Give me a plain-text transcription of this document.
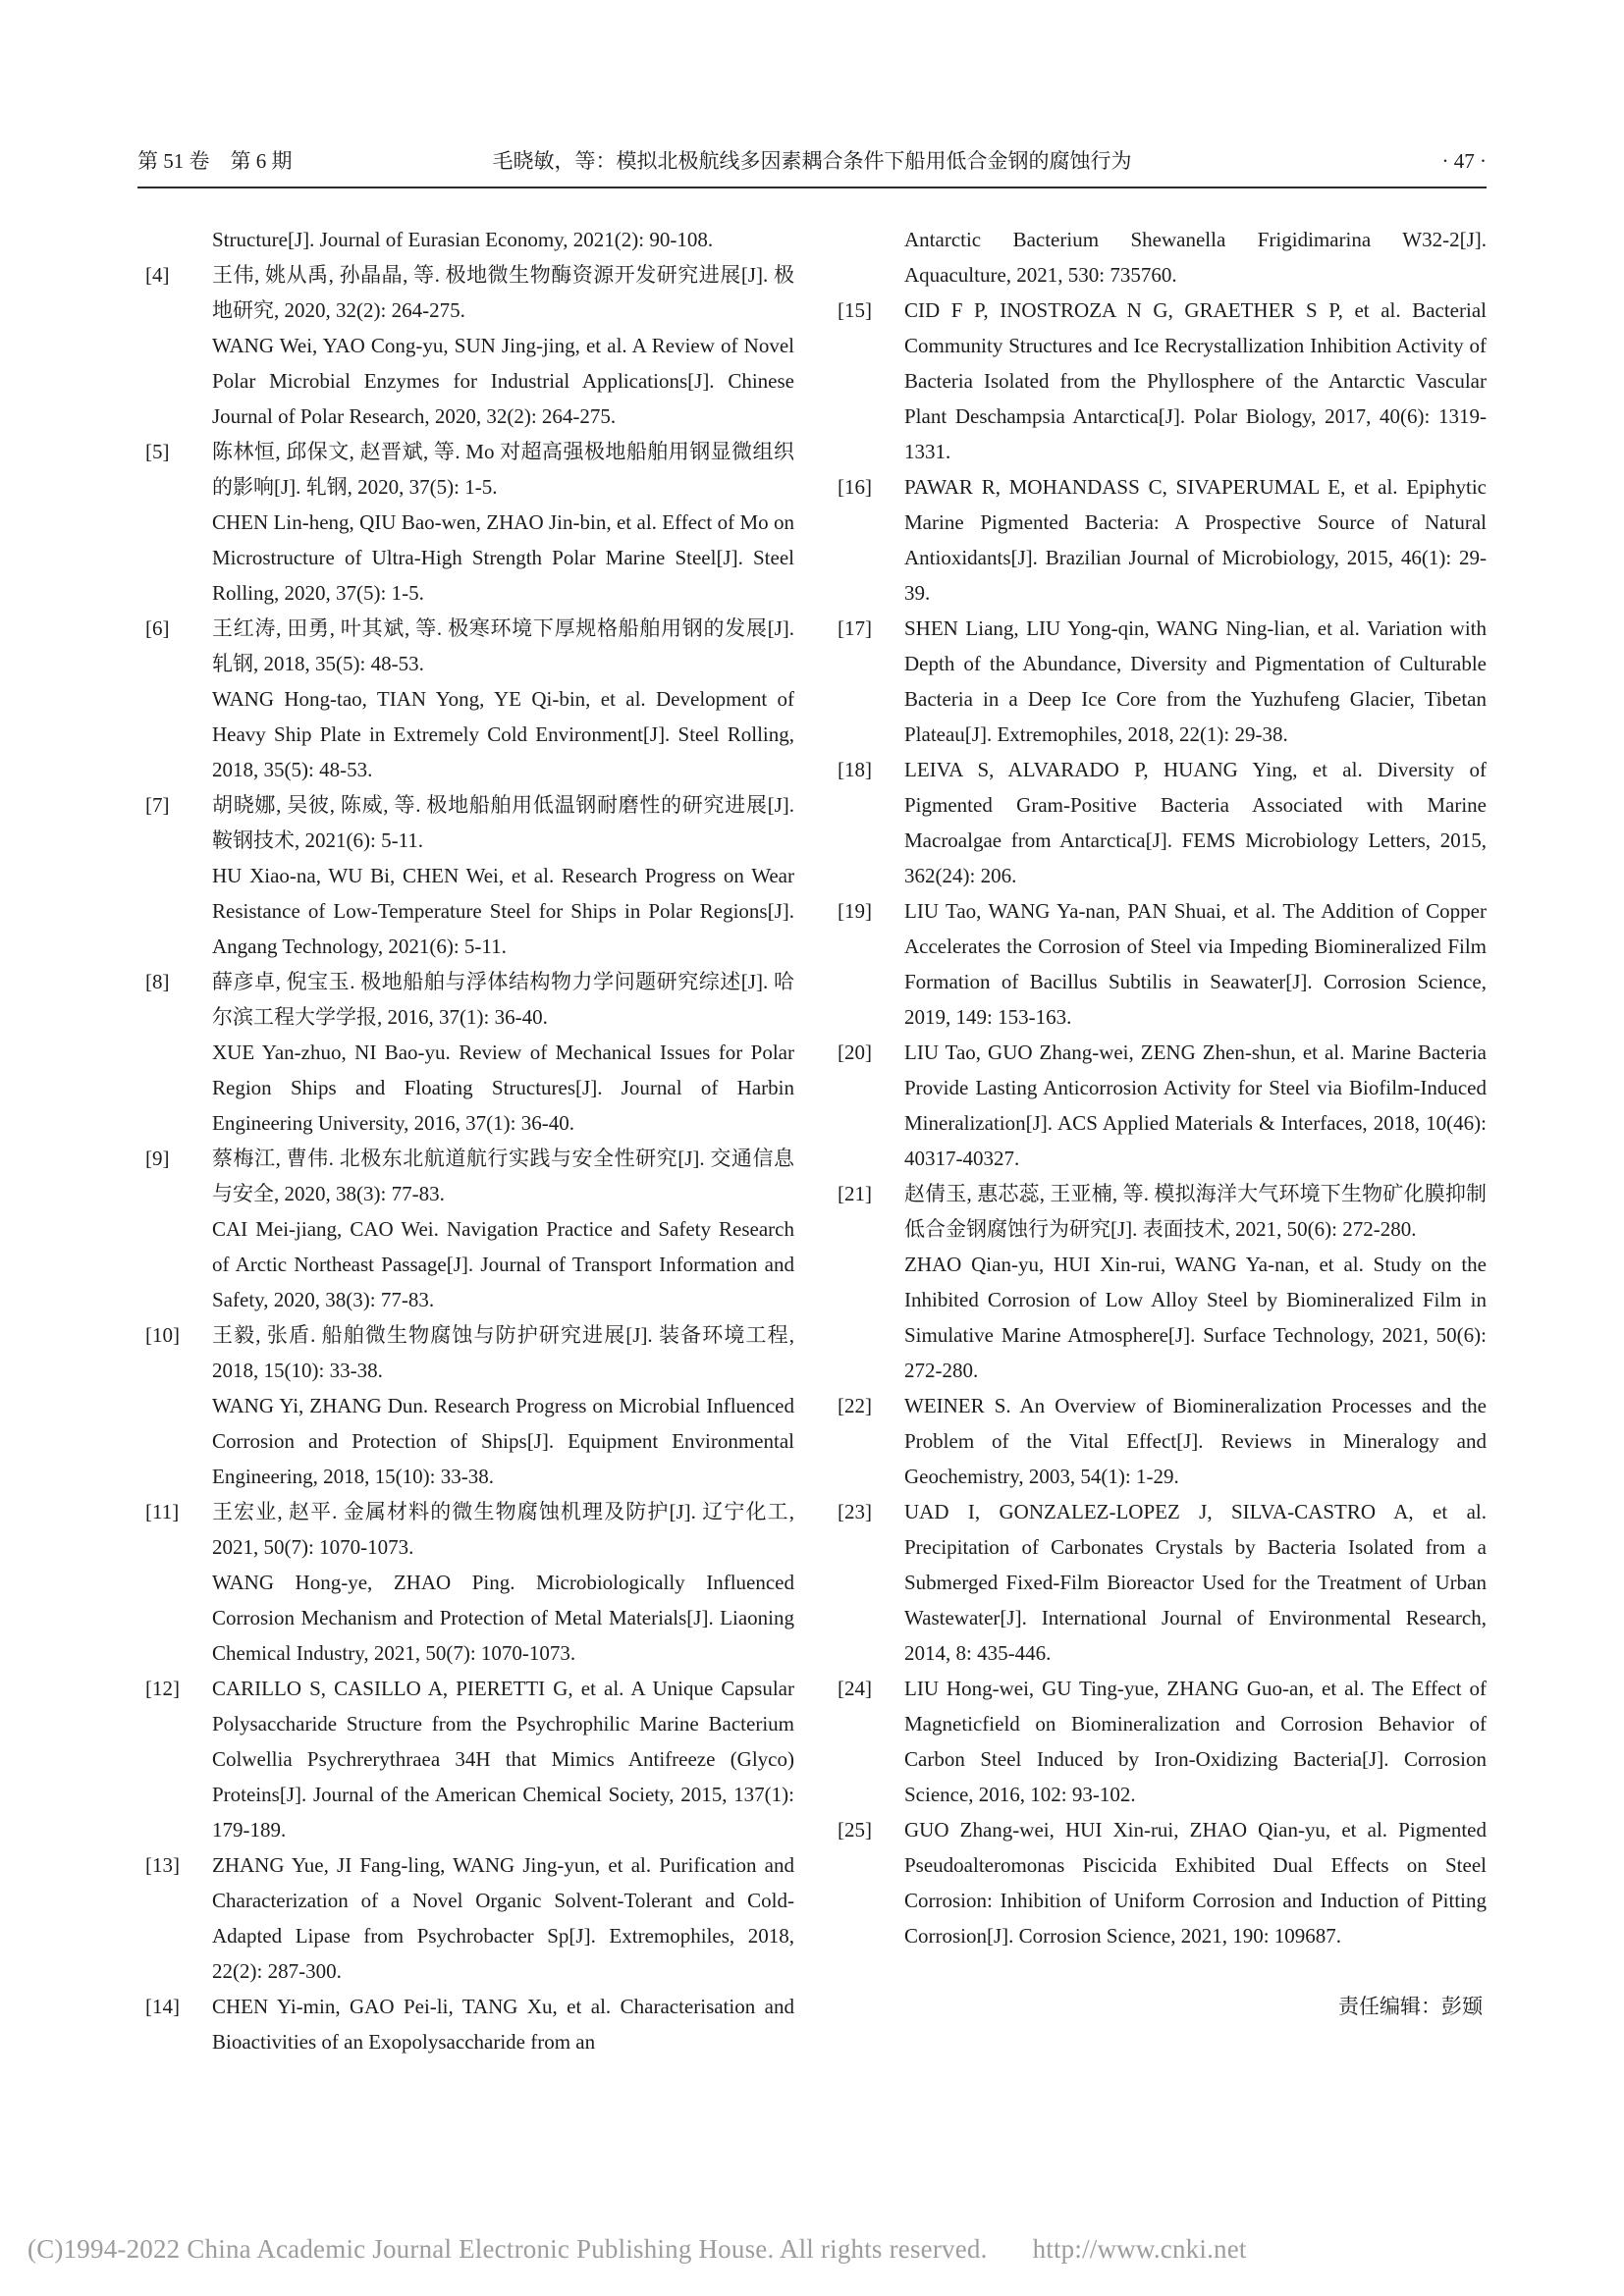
第 51 卷　第 6 期	毛晓敏，等：模拟北极航线多因素耦合条件下船用低合金钢的腐蚀行为	· 47 ·
Structure[J]. Journal of Eurasian Economy, 2021(2): 90-108.
[4]	王伟, 姚从禹, 孙晶晶, 等. 极地微生物酶资源开发研究进展[J]. 极地研究, 2020, 32(2): 264-275.
WANG Wei, YAO Cong-yu, SUN Jing-jing, et al. A Review of Novel Polar Microbial Enzymes for Industrial Applications[J]. Chinese Journal of Polar Research, 2020, 32(2): 264-275.
[5]	陈林恒, 邱保文, 赵晋斌, 等. Mo 对超高强极地船舶用钢显微组织的影响[J]. 轧钢, 2020, 37(5): 1-5.
CHEN Lin-heng, QIU Bao-wen, ZHAO Jin-bin, et al. Effect of Mo on Microstructure of Ultra-High Strength Polar Marine Steel[J]. Steel Rolling, 2020, 37(5): 1-5.
[6]	王红涛, 田勇, 叶其斌, 等. 极寒环境下厚规格船舶用钢的发展[J]. 轧钢, 2018, 35(5): 48-53.
WANG Hong-tao, TIAN Yong, YE Qi-bin, et al. Development of Heavy Ship Plate in Extremely Cold Environment[J]. Steel Rolling, 2018, 35(5): 48-53.
[7]	胡晓娜, 吴彼, 陈威, 等. 极地船舶用低温钢耐磨性的研究进展[J]. 鞍钢技术, 2021(6): 5-11.
HU Xiao-na, WU Bi, CHEN Wei, et al. Research Progress on Wear Resistance of Low-Temperature Steel for Ships in Polar Regions[J]. Angang Technology, 2021(6): 5-11.
[8]	薛彦卓, 倪宝玉. 极地船舶与浮体结构物力学问题研究综述[J]. 哈尔滨工程大学学报, 2016, 37(1): 36-40.
XUE Yan-zhuo, NI Bao-yu. Review of Mechanical Issues for Polar Region Ships and Floating Structures[J]. Journal of Harbin Engineering University, 2016, 37(1): 36-40.
[9]	蔡梅江, 曹伟. 北极东北航道航行实践与安全性研究[J]. 交通信息与安全, 2020, 38(3): 77-83.
CAI Mei-jiang, CAO Wei. Navigation Practice and Safety Research of Arctic Northeast Passage[J]. Journal of Transport Information and Safety, 2020, 38(3): 77-83.
[10]	王毅, 张盾. 船舶微生物腐蚀与防护研究进展[J]. 装备环境工程, 2018, 15(10): 33-38.
WANG Yi, ZHANG Dun. Research Progress on Microbial Influenced Corrosion and Protection of Ships[J]. Equipment Environmental Engineering, 2018, 15(10): 33-38.
[11]	王宏业, 赵平. 金属材料的微生物腐蚀机理及防护[J]. 辽宁化工, 2021, 50(7): 1070-1073.
WANG Hong-ye, ZHAO Ping. Microbiologically Influenced Corrosion Mechanism and Protection of Metal Materials[J]. Liaoning Chemical Industry, 2021, 50(7): 1070-1073.
[12]	CARILLO S, CASILLO A, PIERETTI G, et al. A Unique Capsular Polysaccharide Structure from the Psychrophilic Marine Bacterium Colwellia Psychrerythraea 34H that Mimics Antifreeze (Glyco) Proteins[J]. Journal of the American Chemical Society, 2015, 137(1): 179-189.
[13]	ZHANG Yue, JI Fang-ling, WANG Jing-yun, et al. Purification and Characterization of a Novel Organic Solvent-Tolerant and Cold-Adapted Lipase from Psychrobacter Sp[J]. Extremophiles, 2018, 22(2): 287-300.
[14]	CHEN Yi-min, GAO Pei-li, TANG Xu, et al. Characterisation and Bioactivities of an Exopolysaccharide from an
Antarctic Bacterium Shewanella Frigidimarina W32-2[J]. Aquaculture, 2021, 530: 735760.
[15]	CID F P, INOSTROZA N G, GRAETHER S P, et al. Bacterial Community Structures and Ice Recrystallization Inhibition Activity of Bacteria Isolated from the Phyllosphere of the Antarctic Vascular Plant Deschampsia Antarctica[J]. Polar Biology, 2017, 40(6): 1319-1331.
[16]	PAWAR R, MOHANDASS C, SIVAPERUMAL E, et al. Epiphytic Marine Pigmented Bacteria: A Prospective Source of Natural Antioxidants[J]. Brazilian Journal of Microbiology, 2015, 46(1): 29-39.
[17]	SHEN Liang, LIU Yong-qin, WANG Ning-lian, et al. Variation with Depth of the Abundance, Diversity and Pigmentation of Culturable Bacteria in a Deep Ice Core from the Yuzhufeng Glacier, Tibetan Plateau[J]. Extremophiles, 2018, 22(1): 29-38.
[18]	LEIVA S, ALVARADO P, HUANG Ying, et al. Diversity of Pigmented Gram-Positive Bacteria Associated with Marine Macroalgae from Antarctica[J]. FEMS Microbiology Letters, 2015, 362(24): 206.
[19]	LIU Tao, WANG Ya-nan, PAN Shuai, et al. The Addition of Copper Accelerates the Corrosion of Steel via Impeding Biomineralized Film Formation of Bacillus Subtilis in Seawater[J]. Corrosion Science, 2019, 149: 153-163.
[20]	LIU Tao, GUO Zhang-wei, ZENG Zhen-shun, et al. Marine Bacteria Provide Lasting Anticorrosion Activity for Steel via Biofilm-Induced Mineralization[J]. ACS Applied Materials & Interfaces, 2018, 10(46): 40317-40327.
[21]	赵倩玉, 惠芯蕊, 王亚楠, 等. 模拟海洋大气环境下生物矿化膜抑制低合金钢腐蚀行为研究[J]. 表面技术, 2021, 50(6): 272-280.
ZHAO Qian-yu, HUI Xin-rui, WANG Ya-nan, et al. Study on the Inhibited Corrosion of Low Alloy Steel by Biomineralized Film in Simulative Marine Atmosphere[J]. Surface Technology, 2021, 50(6): 272-280.
[22]	WEINER S. An Overview of Biomineralization Processes and the Problem of the Vital Effect[J]. Reviews in Mineralogy and Geochemistry, 2003, 54(1): 1-29.
[23]	UAD I, GONZALEZ-LOPEZ J, SILVA-CASTRO A, et al. Precipitation of Carbonates Crystals by Bacteria Isolated from a Submerged Fixed-Film Bioreactor Used for the Treatment of Urban Wastewater[J]. International Journal of Environmental Research, 2014, 8: 435-446.
[24]	LIU Hong-wei, GU Ting-yue, ZHANG Guo-an, et al. The Effect of Magneticfield on Biomineralization and Corrosion Behavior of Carbon Steel Induced by Iron-Oxidizing Bacteria[J]. Corrosion Science, 2016, 102: 93-102.
[25]	GUO Zhang-wei, HUI Xin-rui, ZHAO Qian-yu, et al. Pigmented Pseudoalteromonas Piscicida Exhibited Dual Effects on Steel Corrosion: Inhibition of Uniform Corrosion and Induction of Pitting Corrosion[J]. Corrosion Science, 2021, 190: 109687.
责任编辑：彭颋
(C)1994-2022 China Academic Journal Electronic Publishing House. All rights reserved. http://www.cnki.net
